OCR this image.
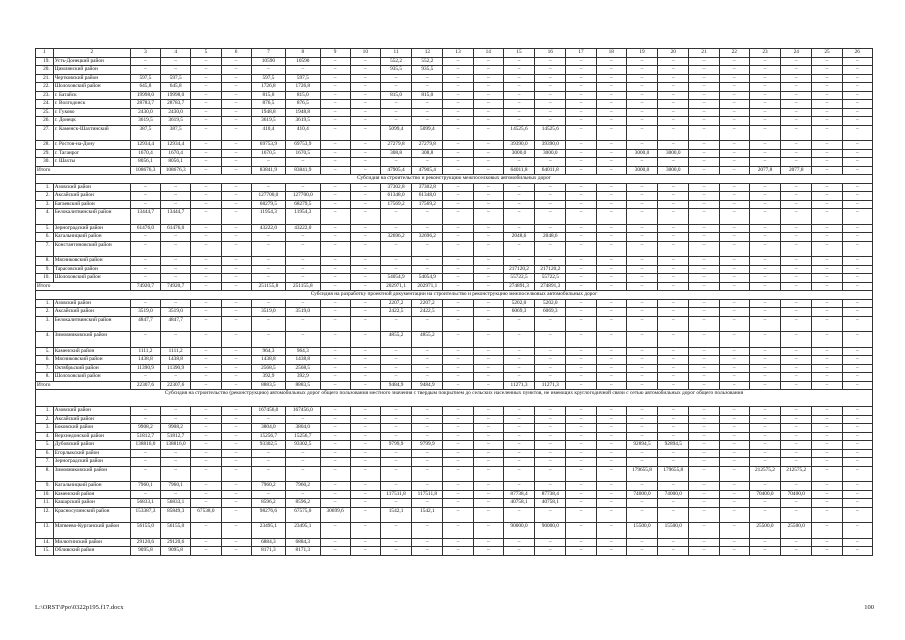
1	2	3	4	5	6	7	8	9	10	11	12	13	14	15	16	17	18	19	20	21	22	23	24	25	26
19.	Усть-Донецкий район	–	–	–	–	10590	10590	–	–	552,2	552,2	–	–	–	–	–	–	–	–	–	–	–	–	–	–
20.	Цимлянский район	–	–	–	–	–	–	–	–	935,5	935,5	–	–	–	–	–	–	–	–	–	–	–	–	–	–
21.	Чертковский район	597,5	597,5	–	–	597,5	597,5	–	–	–	–	–	–	–	–	–	–	–	–	–	–	–	–	–	–
22.	Шолоховский район	645,8	645,8	–	–	1726,8	1726,8	–	–	–	–	–	–	–	–	–	–	–	–	–	–	–	–	–	–
23.	г. Батайск	19998,0	19998,0	–	–	815,0	815,0	–	–	815,0	815,0	–	–	–	–	–	–	–	–	–	–	–	–	–	–
24.	г. Волгодонск	28783,7	28783,7	–	–	876,5	876,5	–	–	–	–	–	–	–	–	–	–	–	–	–	–	–	–	–	–
25.	г. Гуково	2430,0	2430,0	–	–	1948,8	1948,8	–	–	–	–	–	–	–	–	–	–	–	–	–	–	–	–	–	–
26.	г. Донецк	3619,5	3619,5	–	–	3619,5	3619,5	–	–	–	–	–	–	–	–	–	–	–	–	–	–	–	–	–	–
27.	г. Каменск-Шахтинский	387,5	387,5	–	–	410,4	410,4	–	–	5099,4	5099,4	–	–	14525,6	14525,6	–	–	–	–	–	–	–	–	–	–
28.	г. Ростов-на-Дону	12934,4	12934,4	–	–	69753,9	69753,9	–	–	27279,8	27279,8	–	–	39390,0	39390,0	–	–	–	–	–	–	–	–	–	–
29.	г. Таганрог	1670,4	1670,4	–	–	1670,5	1670,5	–	–	308,8	308,8	–	–	3000,0	3000,0	–	–	3000,0	3000,0	–	–	–	–	–	–
30.	г. Шахты	8056,1	8056,1	–	–	–	–	–	–	–	–	–	–	–	–	–	–	–	–	–	–	–	–	–	–
Итого		108676,3	108676,3	–	–	83841,9	83841,9	–	–	47905,4	47905,4	–	–	64011,8	64011,8	–	–	3000,0	3000,0	–	–	2077,8	2077,8	–	–
Субсидия на строительство и реконструкцию межпоселковых автомобильных дорог																									
1.	Азовский район	–	–	–	–	–	–	–	–	37302,8	37302,8	–	–	–	–	–	–	–	–	–	–	–	–	–	–
2.	Аксайский район	–	–	–	–	127700,0	127700,0	–	–	61348,0	61348,0	–	–	–	–	–	–	–	–	–	–	–	–	–	–
3.	Багаевский район	–	–	–	–	68279,5	68279,5	–	–	17569,2	17569,2	–	–	–	–	–	–	–	–	–	–	–	–	–	–
4.	Белокалитвинский район	13444,7	13444,7	–	–	11954,3	11954,3	–	–	–	–	–	–	–	–	–	–	–	–	–	–	–	–	–	–
5.	Зерноградский район	61476,0	61476,0	–	–	43222,0	43222,0	–	–	–	–	–	–	–	–	–	–	–	–	–	–	–	–	–	–
6.	Кагальницкий район	–	–	–	–	–	–	–	–	32696,2	32696,2	–	–	2048,6	2048,6	–	–	–	–	–	–	–	–	–	–
7.	Константиновский район	–	–	–	–	–	–	–	–	–	–	–	–	–	–	–	–	–	–	–	–	–	–	–	–
8.	Мясниковский район	–	–	–	–	–	–	–	–	–	–	–	–	–	–	–	–	–	–	–	–	–	–	–	–
9.	Тарасовский район	–	–	–	–	–	–	–	–	–	–	–	–	217120,2	217120,2	–	–	–	–	–	–	–	–	–	–
10.	Шолоховский район	–	–	–	–	–	–	–	–	54054,9	54054,9	–	–	55722,5	55722,5	–	–	–	–	–	–	–	–	–	–
Итого		74920,7	74920,7	–	–	251155,8	251155,8	–	–	202971,1	202971,1	–	–	274891,3	274891,3	–	–	–	–	–	–	–	–	–	–
Субсидия на разработку проектной документации на строительство и реконструкцию межпоселковых автомобильных дорог																									
1.	Азовский район	–	–	–	–	–	–	–	–	2207,2	2207,2	–	–	5202,0	5202,0	–	–	–	–	–	–	–	–	–	–
2.	Аксайский район	3519,0	3519,0	–	–	3519,0	3519,0	–	–	2422,5	2422,5	–	–	6069,3	6069,3	–	–	–	–	–	–	–	–	–	–
3.	Белокалитвинский район	4847,7	4847,7	–	–	–	–	–	–	–	–	–	–	–	–	–	–	–	–	–	–	–	–	–	–
4.	Зимовниковский район	–	–	–	–	–	–	–	–	4855,2	4855,2	–	–	–	–	–	–	–	–	–	–	–	–	–	–
5.	Каменский район	1111,2	1111,2	–	–	964,3	964,3	–	–	–	–	–	–	–	–	–	–	–	–	–	–	–	–	–	–
6.	Мясниковский район	1438,8	1438,8	–	–	1438,8	1438,8	–	–	–	–	–	–	–	–	–	–	–	–	–	–	–	–	–	–
7.	Октябрьский район	11390,9	11390,9	–	–	2568,5	2568,5	–	–	–	–	–	–	–	–	–	–	–	–	–	–	–	–	–	–
8.	Шолоховский район	–	–	–	–	392,9	392,9	–	–	–	–	–	–	–	–	–	–	–	–	–	–	–	–	–	–
Итого		22307,6	22307,6	–	–	8883,5	8883,5	–	–	9484,9	9484,9	–	–	11271,3	11271,3	–	–	–	–	–	–	–	–	–	–
Субсидия на строительство (реконструкцию) автомобильных дорог общего пользования местного значения с твердым покрытием до сельских населенных пунктов, не имеющих круглогодичной связи с сетью автомобильных дорог общего пользования																									
1.	Азовский район	–	–	–	–	167456,0	167456,0	–	–	–	–	–	–	–	–	–	–	–	–	–	–	–	–	–	–
2.	Аксайский район	–	–	–	–	–	–	–	–	–	–	–	–	–	–	–	–	–	–	–	–	–	–	–	–
3.	Боковский район	9908,2	9908,2	–	–	3804,0	3804,0	–	–	–	–	–	–	–	–	–	–	–	–	–	–	–	–	–	–
4.	Верхнедонской район	51812,7	51812,7	–	–	15256,7	15256,7	–	–	–	–	–	–	–	–	–	–	–	–	–	–	–	–	–	–
5.	Дубовский район	138816,0	138816,0	–	–	93302,5	93302,5	–	–	9799,9	9799,9	–	–	–	–	–	–	92894,5	92894,5	–	–	–	–	–	–
6.	Егорлыкский район	–	–	–	–	–	–	–	–	–	–	–	–	–	–	–	–	–	–	–	–	–	–	–	–
7.	Зерноградский район	–	–	–	–	–	–	–	–	–	–	–	–	–	–	–	–	–	–	–	–	–	–	–	–
8.	Зимовниковский район	–	–	–	–	–	–	–	–	–	–	–	–	–	–	–	–	179655,8	179655,8	–	–	212575,2	212575,2	–	–
9.	Кагальницкий район	7960,1	7960,1	–	–	7960,2	7960,2	–	–	–	–	–	–	–	–	–	–	–	–	–	–	–	–	–	–
10.	Каменский район	–	–	–	–	–	–	–	–	117511,8	117511,8	–	–	87738,4	87738,4	–	–	74000,0	74000,0	–	–	70400,0	70400,0	–	–
11.	Кашарский район	56833,1	56833,1	–	–	8596,2	8596,2	–	–	–	–	–	–	40758,1	40758,1	–	–	–	–	–	–	–	–	–	–
12.	Красносулинский район	153387,3	85849,3	67538,0	–	98276,6	67575,0	30699,6	–	1542,1	1542,1	–	–	–	–	–	–	–	–	–	–	–	–	–	–
13.	Матвеево-Курганский район	56155,0	56155,0	–	–	23495,1	23495,1	–	–	–	–	–	–	90000,0	90000,0	–	–	15500,0	15500,0	–	–	25500,0	25500,0	–	–
14.	Милютинский район	29120,6	29120,6	–	–	6884,3	6884,3	–	–	–	–	–	–	–	–	–	–	–	–	–	–	–	–	–	–
15.	Обливский район	9095,8	9095,8	–	–	8171,3	8171,3	–	–	–	–	–	–	–	–	–	–	–	–	–	–	–	–	–	–
L:\ORST\Ppo\0322p195.f17.docx	100
